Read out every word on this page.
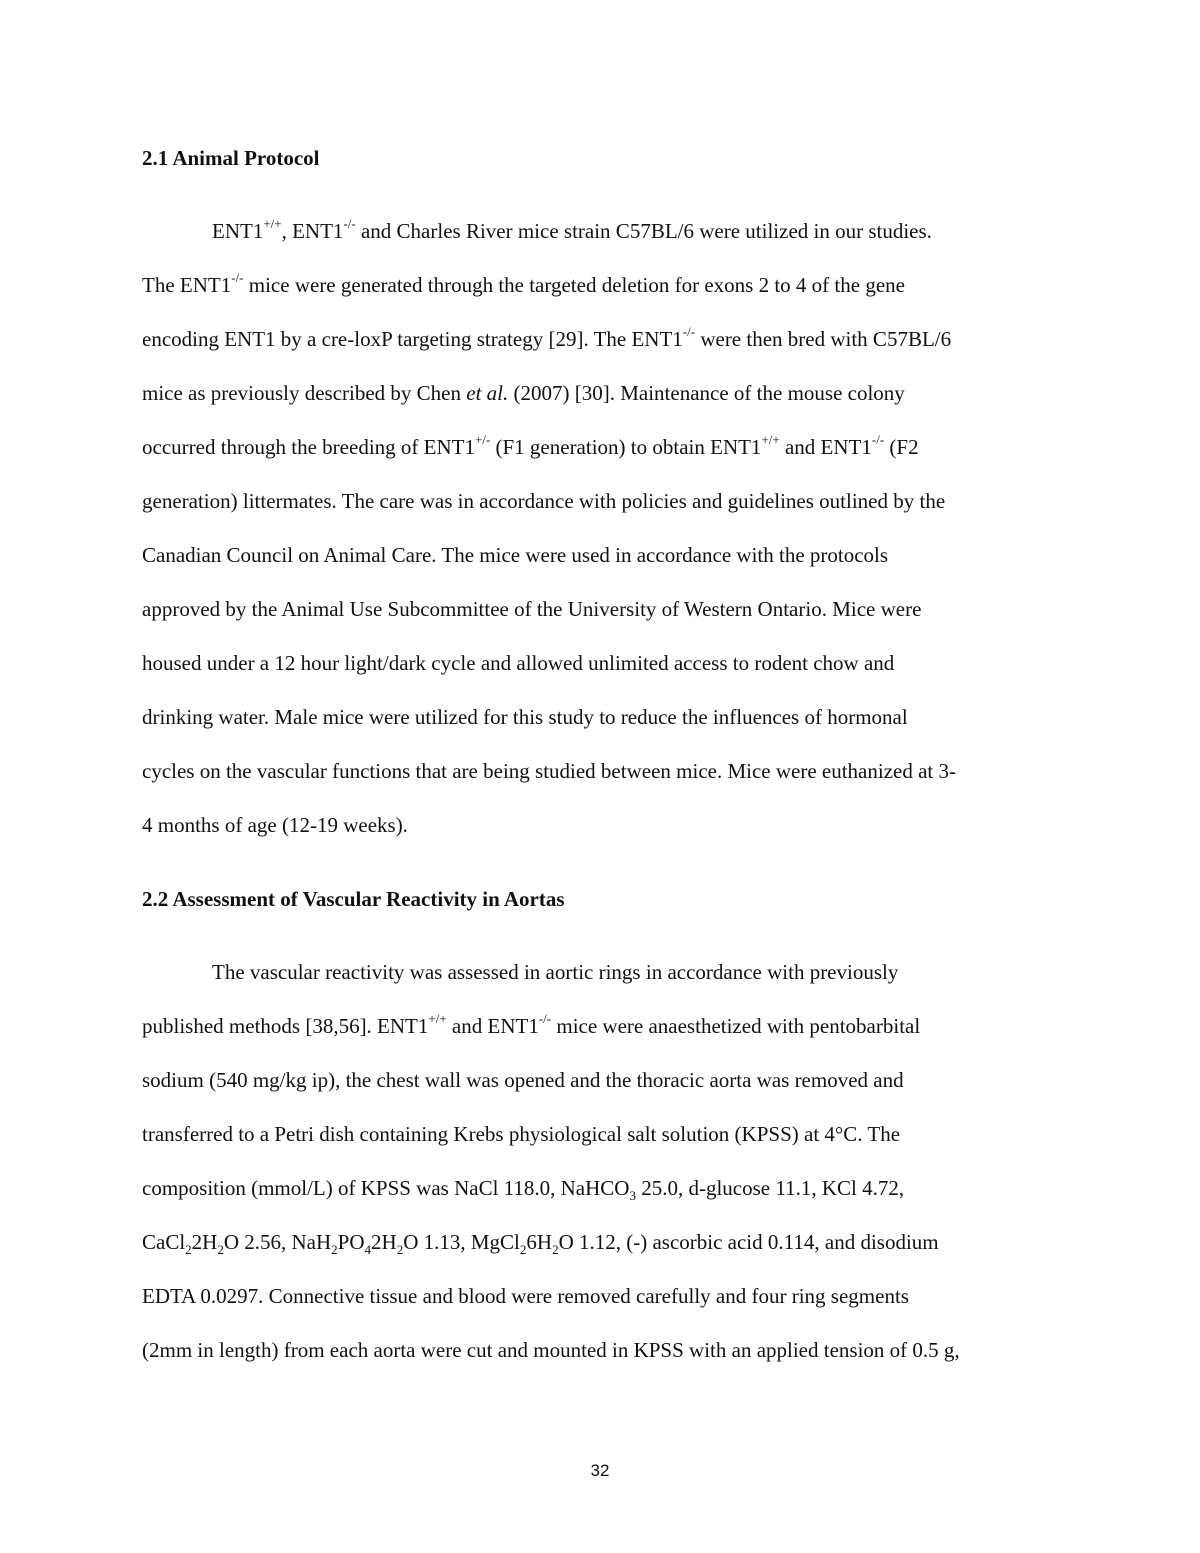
2.1 Animal Protocol
ENT1+/+, ENT1-/- and Charles River mice strain C57BL/6 were utilized in our studies.
The ENT1-/- mice were generated through the targeted deletion for exons 2 to 4 of the gene
encoding ENT1 by a cre-loxP targeting strategy [29]. The ENT1-/- were then bred with C57BL/6
mice as previously described by Chen et al. (2007) [30]. Maintenance of the mouse colony
occurred through the breeding of ENT1+/- (F1 generation) to obtain ENT1+/+ and ENT1-/- (F2
generation) littermates. The care was in accordance with policies and guidelines outlined by the
Canadian Council on Animal Care. The mice were used in accordance with the protocols
approved by the Animal Use Subcommittee of the University of Western Ontario. Mice were
housed under a 12 hour light/dark cycle and allowed unlimited access to rodent chow and
drinking water. Male mice were utilized for this study to reduce the influences of hormonal
cycles on the vascular functions that are being studied between mice. Mice were euthanized at 3-
4 months of age (12-19 weeks).
2.2 Assessment of Vascular Reactivity in Aortas
The vascular reactivity was assessed in aortic rings in accordance with previously
published methods [38,56]. ENT1+/+ and ENT1-/- mice were anaesthetized with pentobarbital
sodium (540 mg/kg ip), the chest wall was opened and the thoracic aorta was removed and
transferred to a Petri dish containing Krebs physiological salt solution (KPSS) at 4°C. The
composition (mmol/L) of KPSS was NaCl 118.0, NaHCO$_3$ 25.0, d-glucose 11.1, KCl 4.72,
$CaCl_22H_2O$ 2.56, $NaH_2PO_42H_2O$ 1.13, $MgCl_26H_2O$ 1.12, (-) ascorbic acid 0.114, and disodium
EDTA 0.0297. Connective tissue and blood were removed carefully and four ring segments
(2mm in length) from each aorta were cut and mounted in KPSS with an applied tension of 0.5 g,
32
